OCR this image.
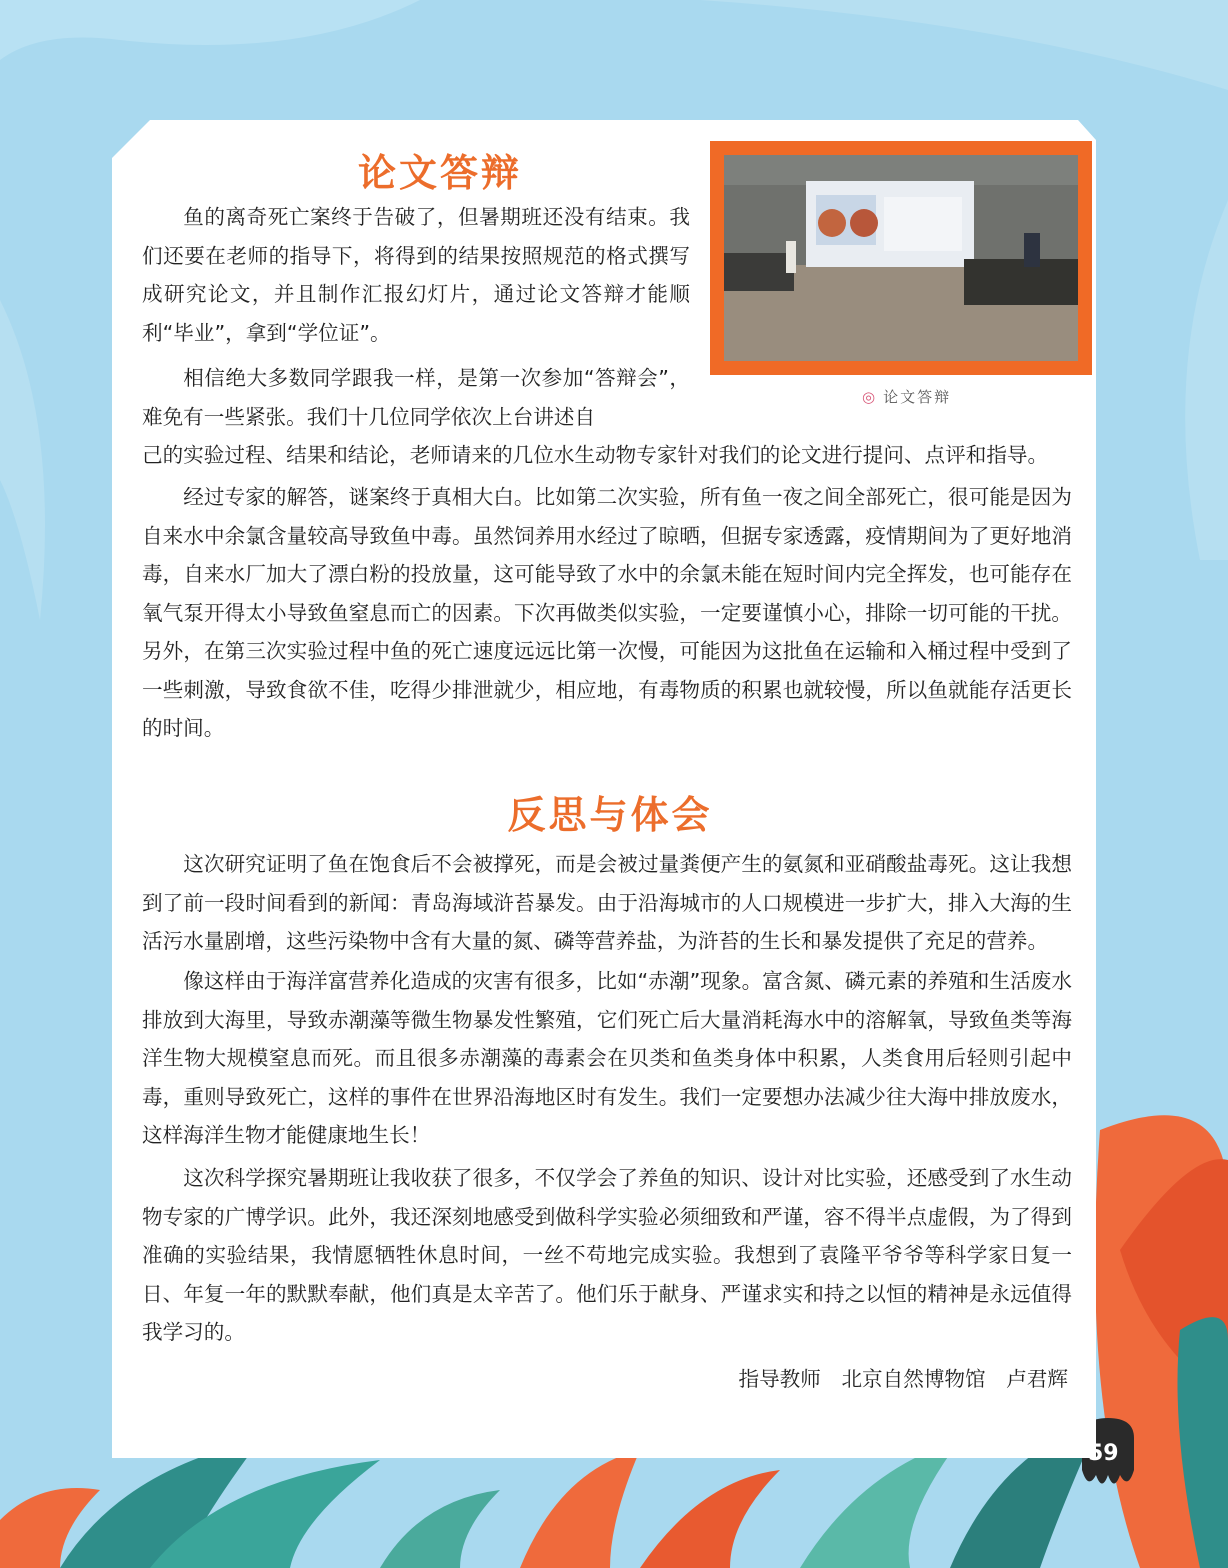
论文答辩

鱼的离奇死亡案终于告破了，但暑期班还没有结束。我们还要在老师的指导下，将得到的结果按照规范的格式撰写成研究论文，并且制作汇报幻灯片，通过论文答辩才能顺利“毕业”，拿到“学位证”。

相信绝大多数同学跟我一样，是第一次参加“答辩会”，难免有一些紧张。我们十几位同学依次上台讲述自

己的实验过程、结果和结论，老师请来的几位水生动物专家针对我们的论文进行提问、点评和指导。

经过专家的解答，谜案终于真相大白。比如第二次实验，所有鱼一夜之间全部死亡，很可能是因为自来水中余氯含量较高导致鱼中毒。虽然饲养用水经过了晾晒，但据专家透露，疫情期间为了更好地消毒，自来水厂加大了漂白粉的投放量，这可能导致了水中的余氯未能在短时间内完全挥发，也可能存在氧气泵开得太小导致鱼窒息而亡的因素。下次再做类似实验，一定要谨慎小心，排除一切可能的干扰。另外，在第三次实验过程中鱼的死亡速度远远比第一次慢，可能因为这批鱼在运输和入桶过程中受到了一些刺激，导致食欲不佳，吃得少排泄就少，相应地，有毒物质的积累也就较慢，所以鱼就能存活更长的时间。

◎ 论文答辩

反思与体会

这次研究证明了鱼在饱食后不会被撑死，而是会被过量粪便产生的氨氮和亚硝酸盐毒死。这让我想到了前一段时间看到的新闻：青岛海域浒苔暴发。由于沿海城市的人口规模进一步扩大，排入大海的生活污水量剧增，这些污染物中含有大量的氮、磷等营养盐，为浒苔的生长和暴发提供了充足的营养。

像这样由于海洋富营养化造成的灾害有很多，比如“赤潮”现象。富含氮、磷元素的养殖和生活废水排放到大海里，导致赤潮藻等微生物暴发性繁殖，它们死亡后大量消耗海水中的溶解氧，导致鱼类等海洋生物大规模窒息而死。而且很多赤潮藻的毒素会在贝类和鱼类身体中积累，人类食用后轻则引起中毒，重则导致死亡，这样的事件在世界沿海地区时有发生。我们一定要想办法减少往大海中排放废水，这样海洋生物才能健康地生长！

这次科学探究暑期班让我收获了很多，不仅学会了养鱼的知识、设计对比实验，还感受到了水生动物专家的广博学识。此外，我还深刻地感受到做科学实验必须细致和严谨，容不得半点虚假，为了得到准确的实验结果，我情愿牺牲休息时间，一丝不苟地完成实验。我想到了袁隆平爷爷等科学家日复一日、年复一年的默默奉献，他们真是太辛苦了。他们乐于献身、严谨求实和持之以恒的精神是永远值得我学习的。

指导教师　北京自然博物馆　卢君辉

59
